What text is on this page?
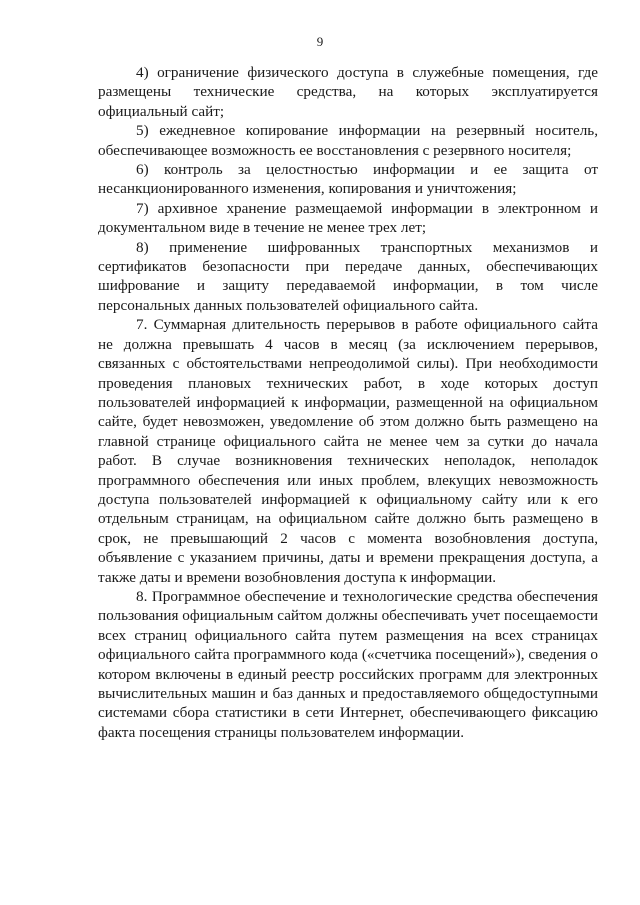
9

4) ограничение физического доступа в служебные помещения, где размещены технические средства, на которых эксплуатируется официальный сайт;

5) ежедневное копирование информации на резервный носитель, обеспечивающее возможность ее восстановления с резервного носителя;

6) контроль за целостностью информации и ее защита от несанкционированного изменения, копирования и уничтожения;

7) архивное хранение размещаемой информации в электронном и документальном виде в течение не менее трех лет;

8) применение шифрованных транспортных механизмов и сертификатов безопасности при передаче данных, обеспечивающих шифрование и защиту передаваемой информации, в том числе персональных данных пользователей официального сайта.

7. Суммарная длительность перерывов в работе официального сайта не должна превышать 4 часов в месяц (за исключением перерывов, связанных с обстоятельствами непреодолимой силы). При необходимости проведения плановых технических работ, в ходе которых доступ пользователей информацией к информации, размещенной на официальном сайте, будет невозможен, уведомление об этом должно быть размещено на главной странице официального сайта не менее чем за сутки до начала работ. В случае возникновения технических неполадок, неполадок программного обеспечения или иных проблем, влекущих невозможность доступа пользователей информацией к официальному сайту или к его отдельным страницам, на официальном сайте должно быть размещено в срок, не превышающий 2 часов с момента возобновления доступа, объявление с указанием причины, даты и времени прекращения доступа, а также даты и времени возобновления доступа к информации.

8. Программное обеспечение и технологические средства обеспечения пользования официальным сайтом должны обеспечивать учет посещаемости всех страниц официального сайта путем размещения на всех страницах официального сайта программного кода («счетчика посещений»), сведения о котором включены в единый реестр российских программ для электронных вычислительных машин и баз данных и предоставляемого общедоступными системами сбора статистики в сети Интернет, обеспечивающего фиксацию факта посещения страницы пользователем информации.
